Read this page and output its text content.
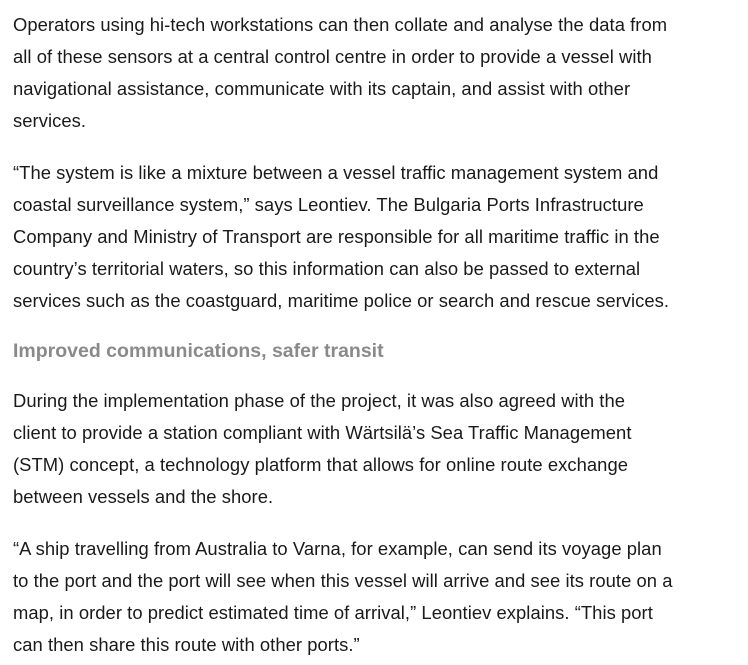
Operators using hi-tech workstations can then collate and analyse the data from
all of these sensors at a central control centre in order to provide a vessel with
navigational assistance, communicate with its captain, and assist with other
services.

“The system is like a mixture between a vessel traffic management system and
coastal surveillance system,” says Leontiev. The Bulgaria Ports Infrastructure
Company and Ministry of Transport are responsible for all maritime traffic in the
country’s territorial waters, so this information can also be passed to external
services such as the coastguard, maritime police or search and rescue services.

Improved communications, safer transit

During the implementation phase of the project, it was also agreed with the
client to provide a station compliant with Wärtsilä’s Sea Traffic Management
(STM) concept, a technology platform that allows for online route exchange
between vessels and the shore.

“A ship travelling from Australia to Varna, for example, can send its voyage plan
to the port and the port will see when this vessel will arrive and see its route on a
map, in order to predict estimated time of arrival,” Leontiev explains. “This port
can then share this route with other ports.”
